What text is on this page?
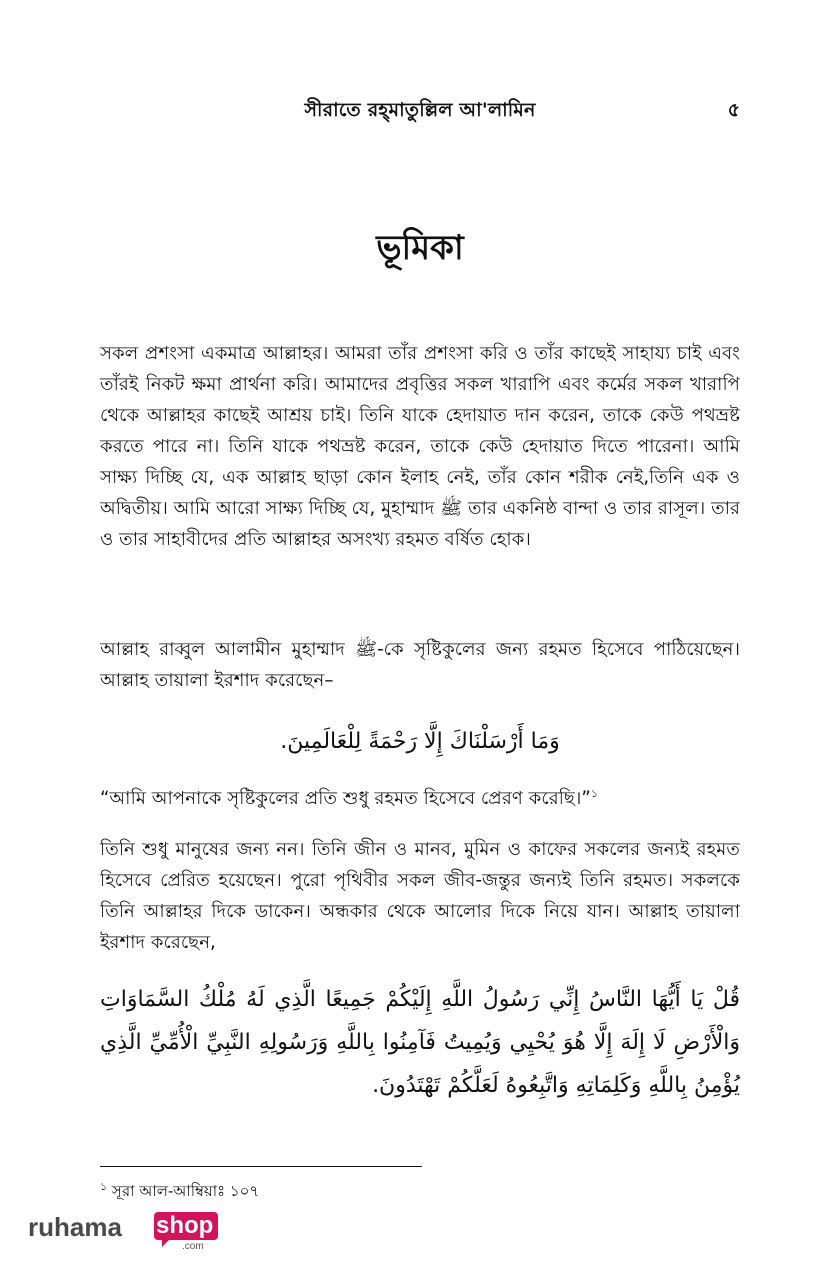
সীরাতে রহ্‌মাতুল্লিল আ'লামিন	৫
ভূমিকা

সকল প্রশংসা একমাত্র আল্লাহর। আমরা তাঁর প্রশংসা করি ও তাঁর কাছেই সাহায্য চাই এবং তাঁরই নিকট ক্ষমা প্রার্থনা করি। আমাদের প্রবৃত্তির সকল খারাপি এবং কর্মের সকল খারাপি থেকে আল্লাহর কাছেই আশ্রয় চাই। তিনি যাকে হেদায়াত দান করেন, তাকে কেউ পথভ্রষ্ট করতে পারে না। তিনি যাকে পথভ্রষ্ট করেন, তাকে কেউ হেদায়াত দিতে পারেনা। আমি সাক্ষ্য দিচ্ছি যে, এক আল্লাহ ছাড়া কোন ইলাহ নেই, তাঁর কোন শরীক নেই,তিনি এক ও অদ্বিতীয়। আমি আরো সাক্ষ্য দিচ্ছি যে, মুহাম্মাদ ﷺ তার একনিষ্ঠ বান্দা ও তার রাসূল। তার ও তার সাহাবীদের প্রতি আল্লাহর অসংখ্য রহমত বর্ষিত হোক।

আল্লাহ রাব্বুল আলামীন মুহাম্মাদ ﷺ-কে সৃষ্টিকুলের জন্য রহমত হিসেবে পাঠিয়েছেন। আল্লাহ তায়ালা ইরশাদ করেছেন–

وَمَا أَرْسَلْنَاكَ إِلَّا رَحْمَةً لِلْعَالَمِينَ.

“আমি আপনাকে সৃষ্টিকুলের প্রতি শুধু রহমত হিসেবে প্রেরণ করেছি।”$^১$

তিনি শুধু মানুষের জন্য নন। তিনি জীন ও মানব, মুমিন ও কাফের সকলের জন্যই রহমত হিসেবে প্রেরিত হয়েছেন। পুরো পৃথিবীর সকল জীব-জন্তুর জন্যই তিনি রহমত। সকলকে তিনি আল্লাহর দিকে ডাকেন। অন্ধকার থেকে আলোর দিকে নিয়ে যান। আল্লাহ তায়ালা ইরশাদ করেছেন,

قُلْ يَا أَيُّهَا النَّاسُ إِنِّي رَسُولُ اللَّهِ إِلَيْكُمْ جَمِيعًا الَّذِي لَهُ مُلْكُ السَّمَاوَاتِ وَالْأَرْضِ لَا إِلَهَ إِلَّا هُوَ يُحْيِي وَيُمِيتُ فَآمِنُوا بِاللَّهِ وَرَسُولِهِ النَّبِيِّ الْأُمِّيِّ الَّذِي يُؤْمِنُ بِاللَّهِ وَكَلِمَاتِهِ وَاتَّبِعُوهُ لَعَلَّكُمْ تَهْتَدُونَ.

$^১$ সূরা আল-আম্বিয়াঃ ১০৭

ruhama shop
.com
